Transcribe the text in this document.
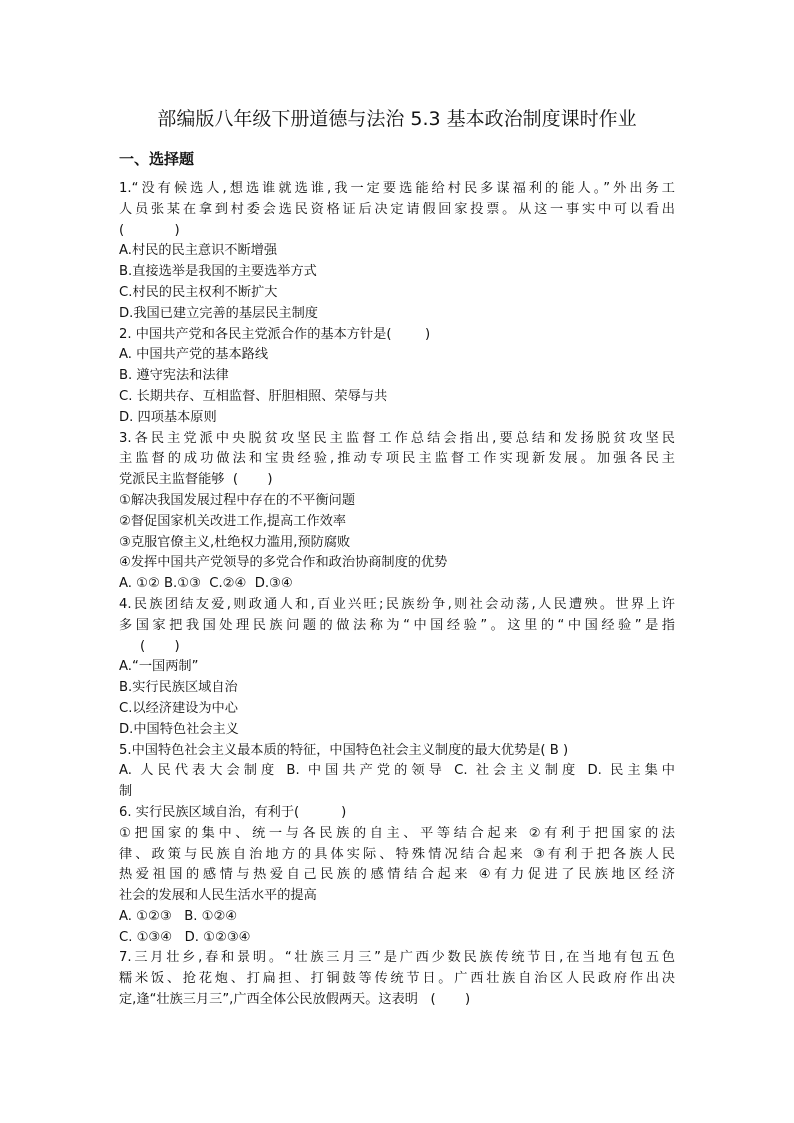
部编版八年级下册道德与法治 5.3 基本政治制度课时作业
一、选择题
1.“没有候选人,想选谁就选谁,我一定要选能给村民多谋福利的能人。”外出务工
人员张某在拿到村委会选民资格证后决定请假回家投票。从这一事实中可以看出
(            )
A.村民的民主意识不断增强
B.直接选举是我国的主要选举方式
C.村民的民主权利不断扩大
D.我国已建立完善的基层民主制度
2. 中国共产党和各民主党派合作的基本方针是(        )
A. 中国共产党的基本路线
B. 遵守宪法和法律
C. 长期共存、互相监督、肝胆相照、荣辱与共
D. 四项基本原则
3.各民主党派中央脱贫攻坚民主监督工作总结会指出,要总结和发扬脱贫攻坚民
主监督的成功做法和宝贵经验,推动专项民主监督工作实现新发展。加强各民主
党派民主监督能够  (       )
①解决我国发展过程中存在的不平衡问题
②督促国家机关改进工作,提高工作效率
③克服官僚主义,杜绝权力滥用,预防腐败
④发挥中国共产党领导的多党合作和政治协商制度的优势
A. ①② B.①③  C.②④  D.③④
4.民族团结友爱,则政通人和,百业兴旺;民族纷争,则社会动荡,人民遭殃。世界上许
多国家把我国处理民族问题的做法称为“中国经验”。这里的“中国经验”是指
(       )
A.“一国两制”
B.实行民族区域自治
C.以经济建设为中心
D.中国特色社会主义
5.中国特色社会主义最本质的特征，中国特色社会主义制度的最大优势是( B )
A. 人民代表大会制度 B. 中国共产党的领导 C. 社会主义制度 D. 民主集中
制
6. 实行民族区域自治，有利于(          )
①把国家的集中、统一与各民族的自主、平等结合起来 ②有利于把国家的法
律、政策与民族自治地方的具体实际、特殊情况结合起来 ③有利于把各族人民
热爱祖国的感情与热爱自己民族的感情结合起来 ④有力促进了民族地区经济
社会的发展和人民生活水平的提高
A. ①②③   B. ①②④
C. ①③④   D. ①②③④
7.三月壮乡,春和景明。“壮族三月三”是广西少数民族传统节日,在当地有包五色
糯米饭、抢花炮、打扁担、打铜鼓等传统节日。广西壮族自治区人民政府作出决
定,逢“壮族三月三”,广西全体公民放假两天。这表明   (       )
